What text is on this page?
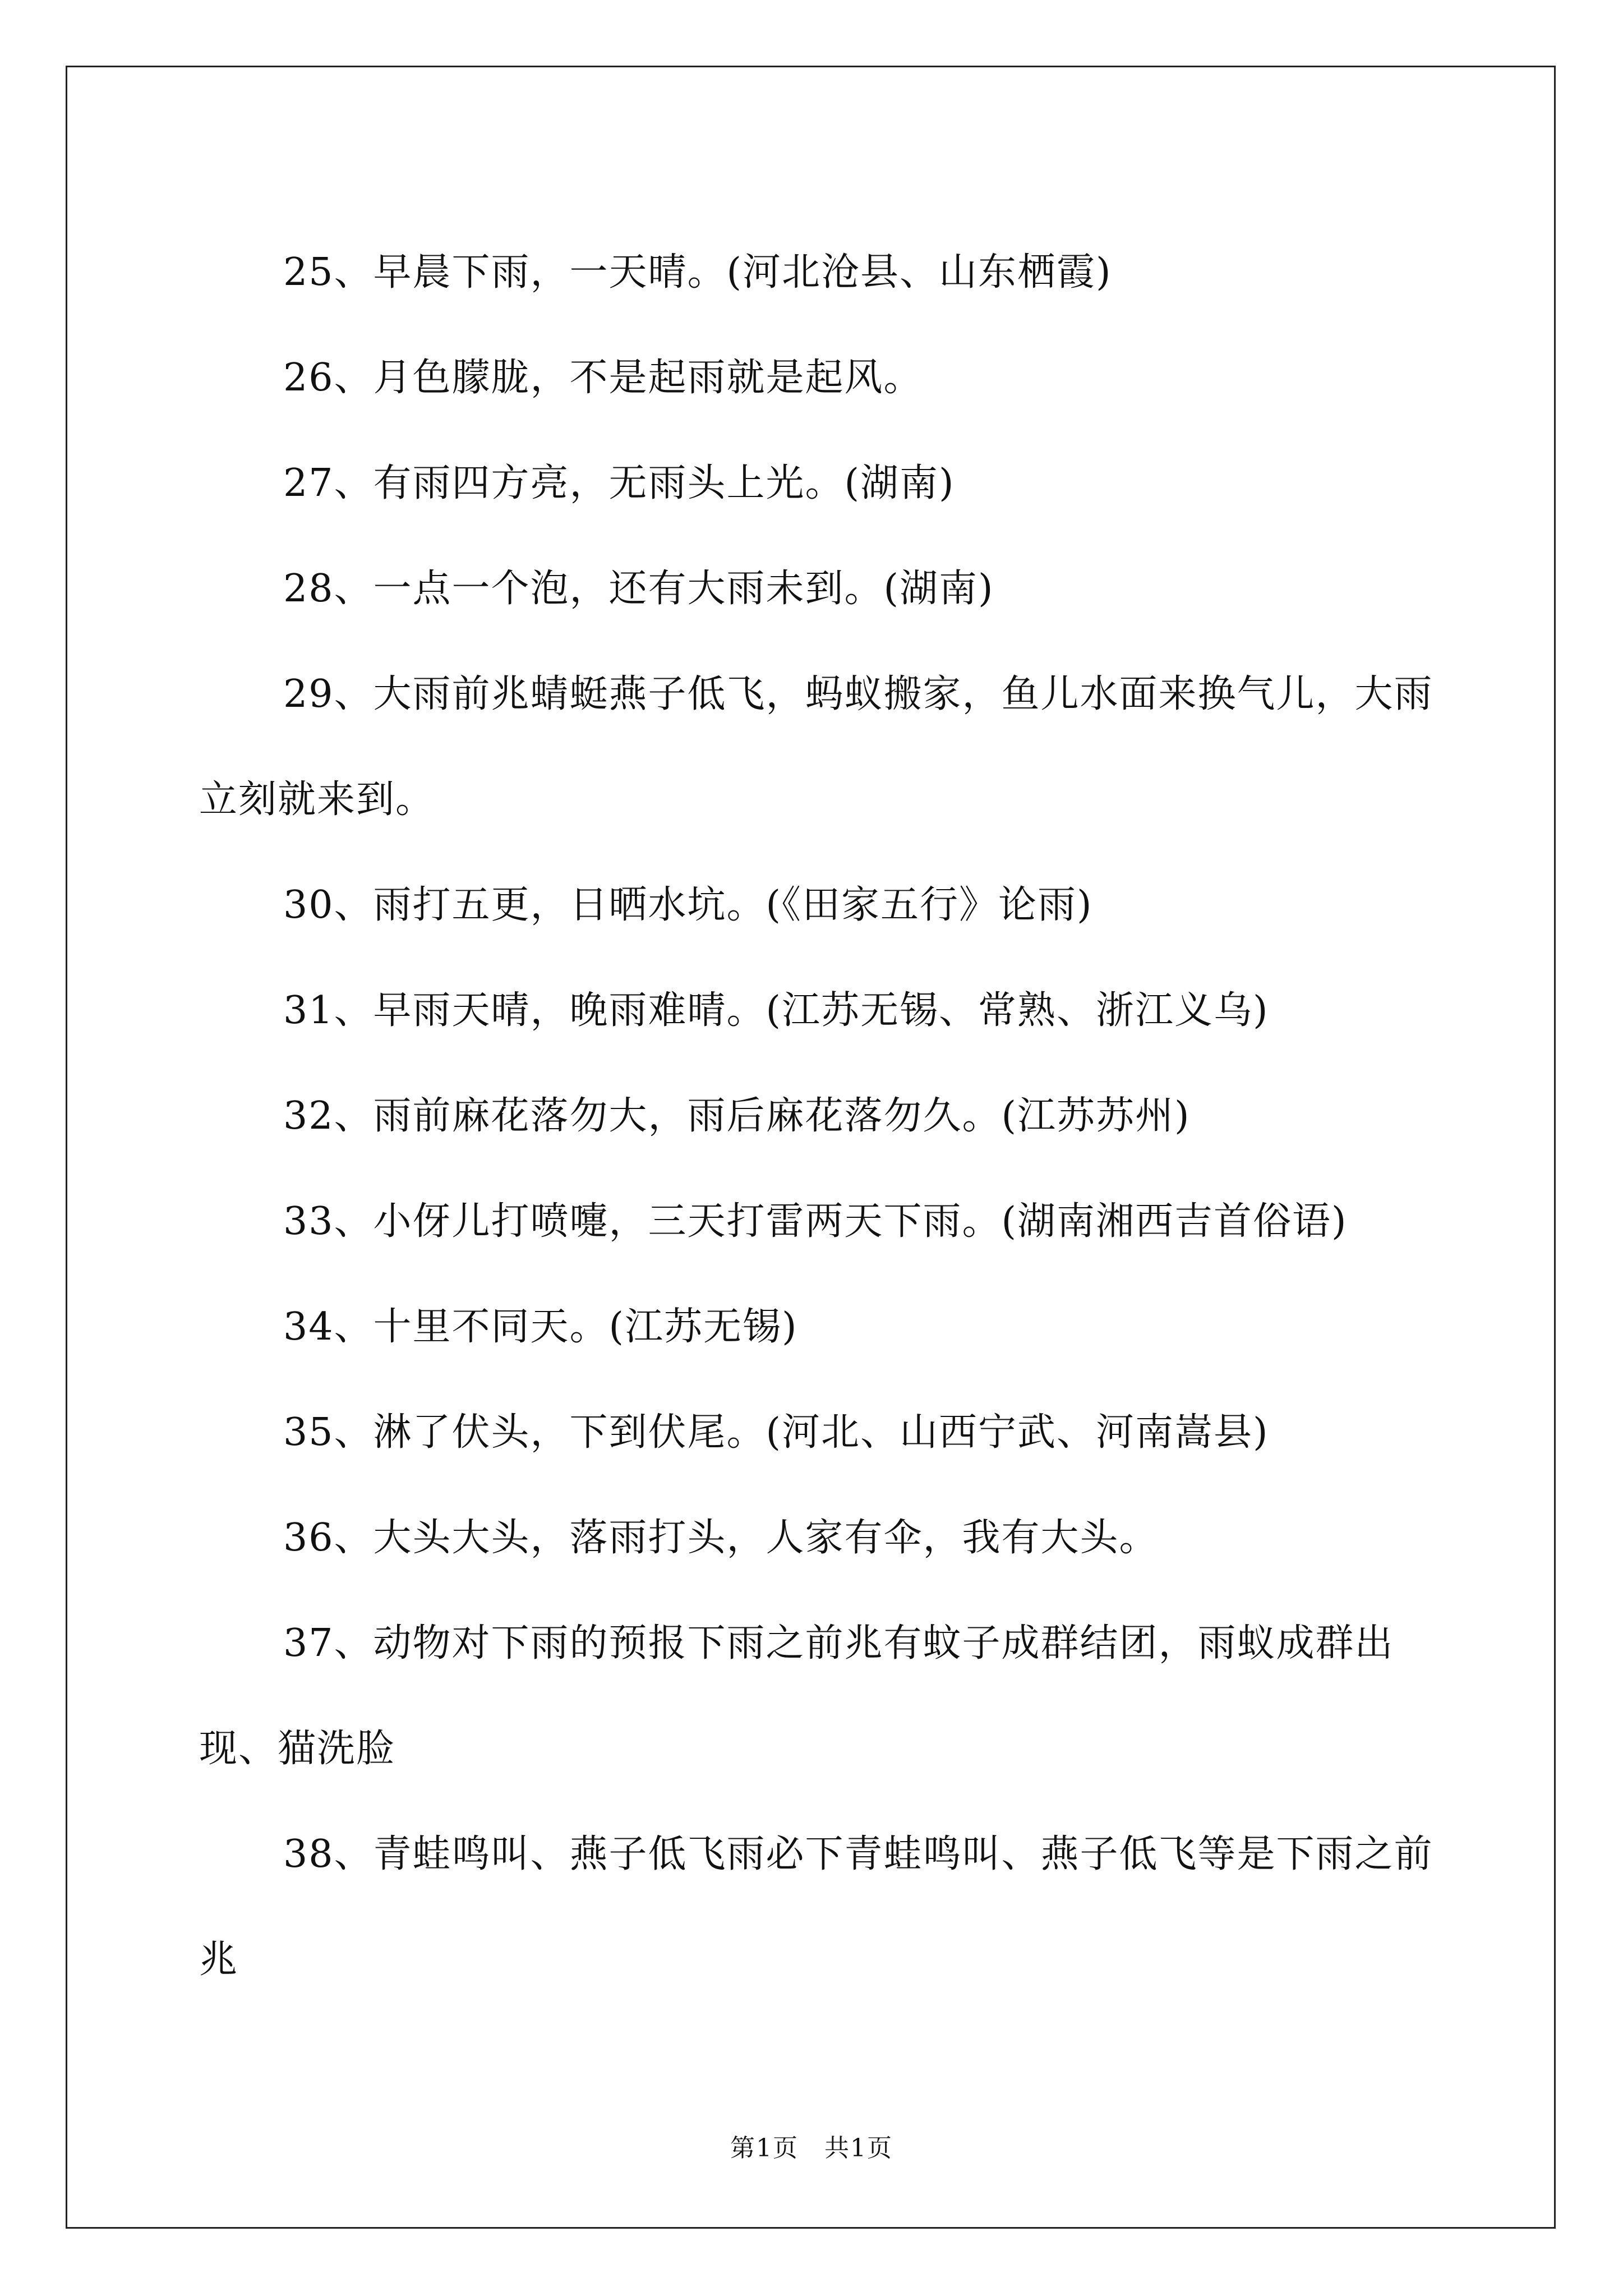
25、早晨下雨，一天晴。(河北沧县、山东栖霞)

26、月色朦胧，不是起雨就是起风。

27、有雨四方亮，无雨头上光。(湖南)

28、一点一个泡，还有大雨未到。(湖南)

29、大雨前兆蜻蜓燕子低飞，蚂蚁搬家，鱼儿水面来换气儿，大雨立刻就来到。

30、雨打五更，日晒水坑。(《田家五行》论雨)

31、早雨天晴，晚雨难晴。(江苏无锡、常熟、浙江义乌)

32、雨前麻花落勿大，雨后麻花落勿久。(江苏苏州)

33、小伢儿打喷嚏，三天打雷两天下雨。(湖南湘西吉首俗语)

34、十里不同天。(江苏无锡)

35、淋了伏头，下到伏尾。(河北、山西宁武、河南嵩县)

36、大头大头，落雨打头，人家有伞，我有大头。

37、动物对下雨的预报下雨之前兆有蚊子成群结团，雨蚁成群出现、猫洗脸

38、青蛙鸣叫、燕子低飞雨必下青蛙鸣叫、燕子低飞等是下雨之前兆

第1页　共1页
